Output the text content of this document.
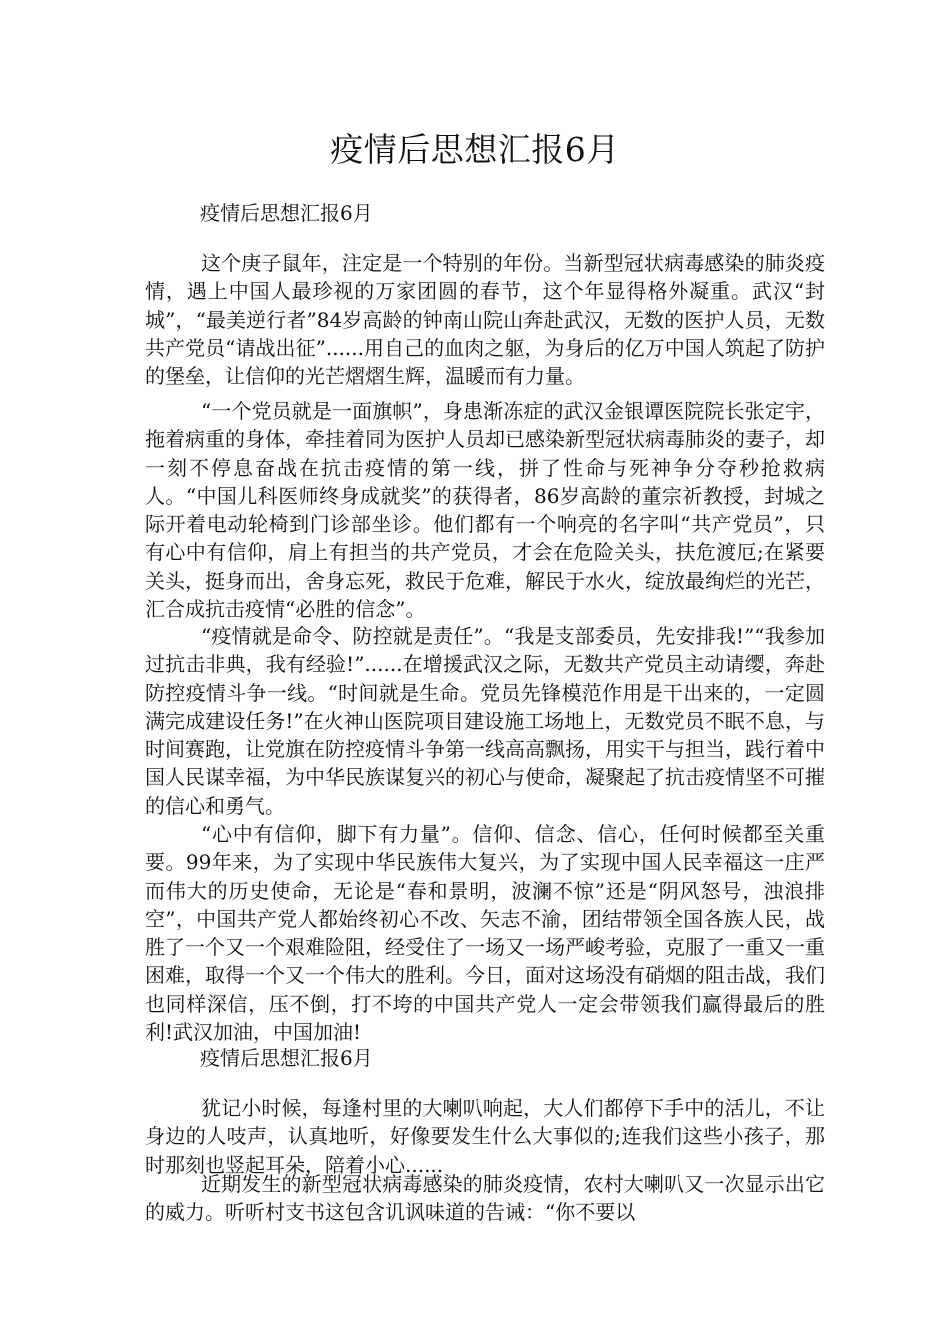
疫情后思想汇报6月
疫情后思想汇报6月

这个庚子鼠年，注定是一个特别的年份。当新型冠状病毒感染的肺炎疫情，遇上中国人最珍视的万家团圆的春节，这个年显得格外凝重。武汉“封城”，“最美逆行者”84岁高龄的钟南山院山奔赴武汉，无数的医护人员，无数共产党员“请战出征”......用自己的血肉之躯，为身后的亿万中国人筑起了防护的堡垒，让信仰的光芒熠熠生辉，温暖而有力量。

“一个党员就是一面旗帜”，身患渐冻症的武汉金银谭医院院长张定宇，拖着病重的身体，牵挂着同为医护人员却已感染新型冠状病毒肺炎的妻子，却一刻不停息奋战在抗击疫情的第一线，拼了性命与死神争分夺秒抢救病人。“中国儿科医师终身成就奖”的获得者，86岁高龄的董宗祈教授，封城之际开着电动轮椅到门诊部坐诊。他们都有一个响亮的名字叫“共产党员”，只有心中有信仰，肩上有担当的共产党员，才会在危险关头，扶危渡厄;在紧要关头，挺身而出，舍身忘死，救民于危难，解民于水火，绽放最绚烂的光芒，汇合成抗击疫情“必胜的信念”。

“疫情就是命令、防控就是责任”。“我是支部委员，先安排我!”“我参加过抗击非典，我有经验!”......在增援武汉之际，无数共产党员主动请缨，奔赴防控疫情斗争一线。“时间就是生命。党员先锋模范作用是干出来的，一定圆满完成建设任务!”在火神山医院项目建设施工场地上，无数党员不眠不息，与时间赛跑，让党旗在防控疫情斗争第一线高高飘扬，用实干与担当，践行着中国人民谋幸福，为中华民族谋复兴的初心与使命，凝聚起了抗击疫情坚不可摧的信心和勇气。

“心中有信仰，脚下有力量”。信仰、信念、信心，任何时候都至关重要。99年来，为了实现中华民族伟大复兴，为了实现中国人民幸福这一庄严而伟大的历史使命，无论是“春和景明，波澜不惊”还是“阴风怒号，浊浪排空”，中国共产党人都始终初心不改、矢志不渝，团结带领全国各族人民，战胜了一个又一个艰难险阻，经受住了一场又一场严峻考验，克服了一重又一重困难，取得一个又一个伟大的胜利。今日，面对这场没有硝烟的阻击战，我们也同样深信，压不倒，打不垮的中国共产党人一定会带领我们赢得最后的胜利!武汉加油，中国加油!

疫情后思想汇报6月

犹记小时候，每逢村里的大喇叭响起，大人们都停下手中的活儿，不让身边的人吱声，认真地听，好像要发生什么大事似的;连我们这些小孩子，那时那刻也竖起耳朵，陪着小心......

近期发生的新型冠状病毒感染的肺炎疫情，农村大喇叭又一次显示出它的威力。听听村支书这包含讥讽味道的告诫：“你不要以
